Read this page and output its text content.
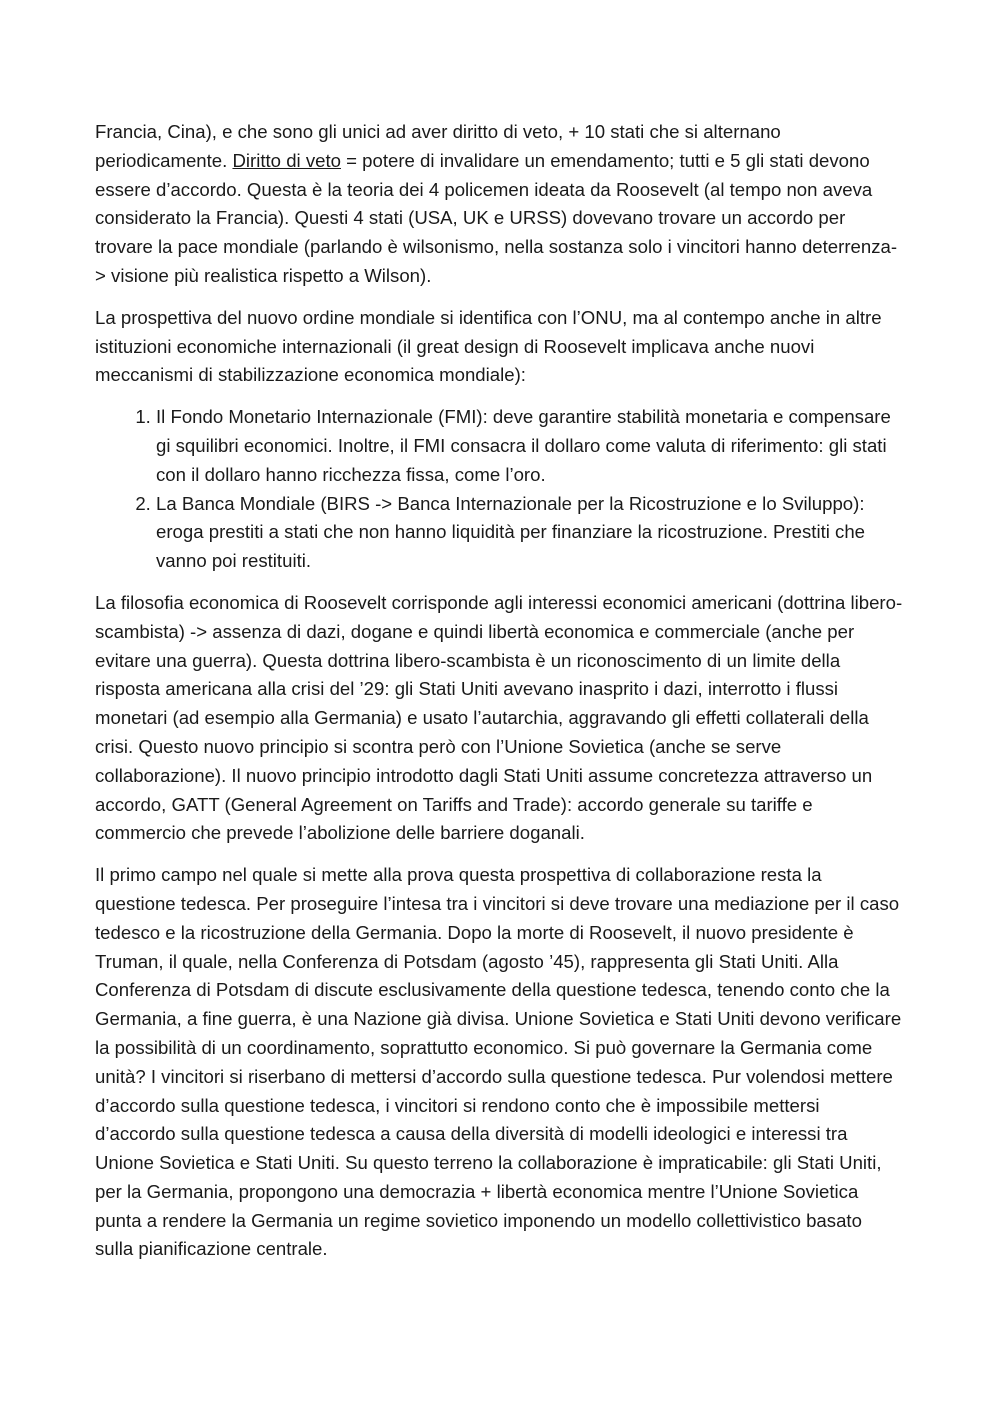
Francia, Cina), e che sono gli unici ad aver diritto di veto, + 10 stati che si alternano periodicamente. Diritto di veto = potere di invalidare un emendamento; tutti e 5 gli stati devono essere d’accordo. Questa è la teoria dei 4 policemen ideata da Roosevelt (al tempo non aveva considerato la Francia). Questi 4 stati (USA, UK e URSS) dovevano trovare un accordo per trovare la pace mondiale (parlando è wilsonismo, nella sostanza solo i vincitori hanno deterrenza-> visione più realistica rispetto a Wilson).

La prospettiva del nuovo ordine mondiale si identifica con l’ONU, ma al contempo anche in altre istituzioni economiche internazionali (il great design di Roosevelt implicava anche nuovi meccanismi di stabilizzazione economica mondiale):

1. Il Fondo Monetario Internazionale (FMI): deve garantire stabilità monetaria e compensare gi squilibri economici. Inoltre, il FMI consacra il dollaro come valuta di riferimento: gli stati con il dollaro hanno ricchezza fissa, come l’oro.
2. La Banca Mondiale (BIRS -> Banca Internazionale per la Ricostruzione e lo Sviluppo): eroga prestiti a stati che non hanno liquidità per finanziare la ricostruzione. Prestiti che vanno poi restituiti.

La filosofia economica di Roosevelt corrisponde agli interessi economici americani (dottrina libero-scambista) -> assenza di dazi, dogane e quindi libertà economica e commerciale (anche per evitare una guerra). Questa dottrina libero-scambista è un riconoscimento di un limite della risposta americana alla crisi del ’29: gli Stati Uniti avevano inasprito i dazi, interrotto i flussi monetari (ad esempio alla Germania) e usato l’autarchia, aggravando gli effetti collaterali della crisi. Questo nuovo principio si scontra però con l’Unione Sovietica (anche se serve collaborazione). Il nuovo principio introdotto dagli Stati Uniti assume concretezza attraverso un accordo, GATT (General Agreement on Tariffs and Trade): accordo generale su tariffe e commercio che prevede l’abolizione delle barriere doganali.

Il primo campo nel quale si mette alla prova questa prospettiva di collaborazione resta la questione tedesca. Per proseguire l’intesa tra i vincitori si deve trovare una mediazione per il caso tedesco e la ricostruzione della Germania. Dopo la morte di Roosevelt, il nuovo presidente è Truman, il quale, nella Conferenza di Potsdam (agosto ’45), rappresenta gli Stati Uniti. Alla Conferenza di Potsdam di discute esclusivamente della questione tedesca, tenendo conto che la Germania, a fine guerra, è una Nazione già divisa. Unione Sovietica e Stati Uniti devono verificare la possibilità di un coordinamento, soprattutto economico. Si può governare la Germania come unità? I vincitori si riserbano di mettersi d’accordo sulla questione tedesca. Pur volendosi mettere d’accordo sulla questione tedesca, i vincitori si rendono conto che è impossibile mettersi d’accordo sulla questione tedesca a causa della diversità di modelli ideologici e interessi tra Unione Sovietica e Stati Uniti. Su questo terreno la collaborazione è impraticabile: gli Stati Uniti, per la Germania, propongono una democrazia + libertà economica mentre l’Unione Sovietica punta a rendere la Germania un regime sovietico imponendo un modello collettivistico basato sulla pianificazione centrale.
